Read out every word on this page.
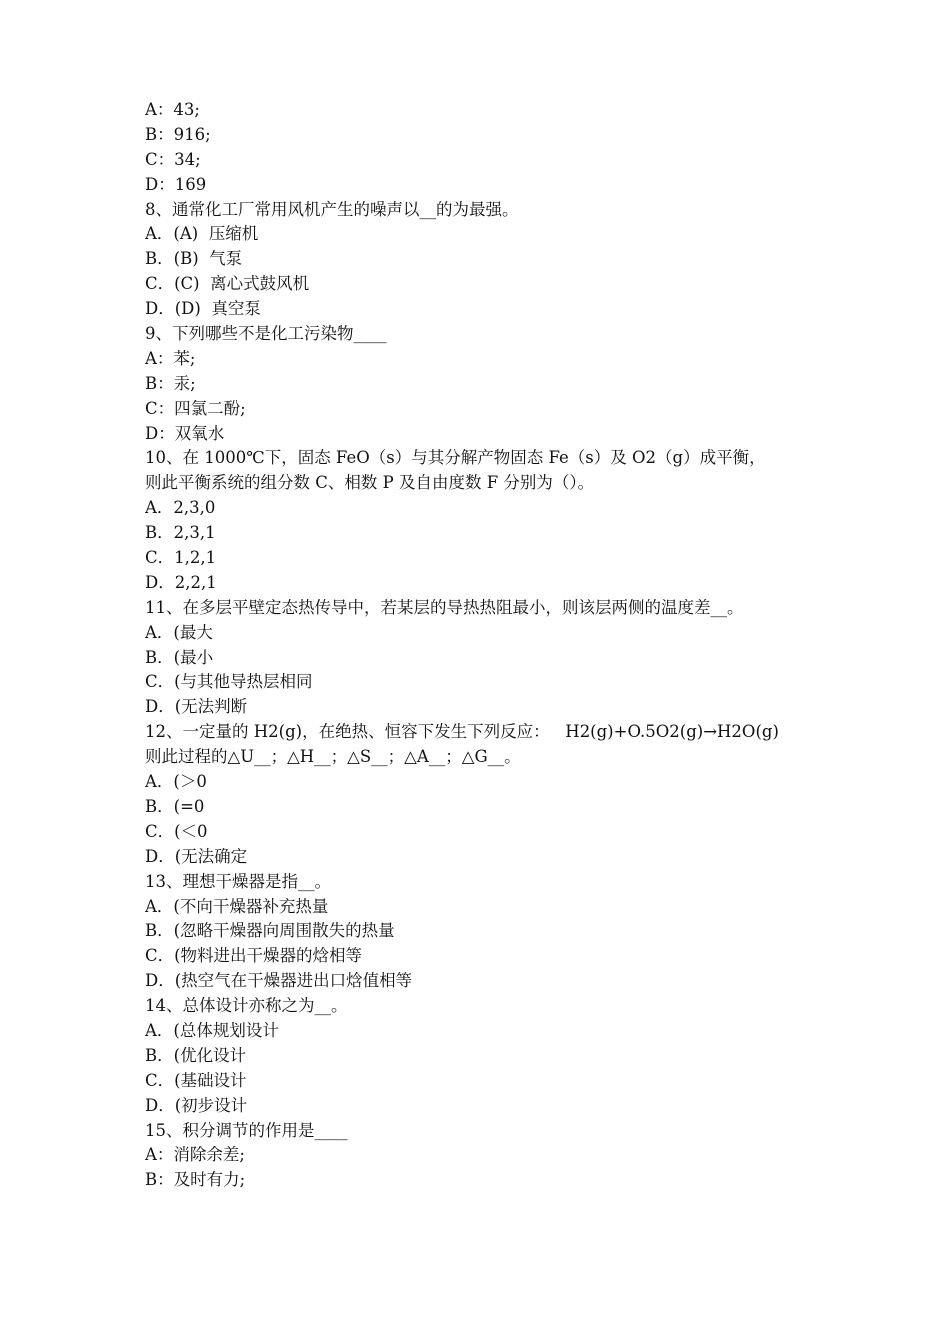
A：43;

B：916;

C：34;

D：169

8、通常化工厂常用风机产生的噪声以__的为最强。

A．(A)  压缩机

B．(B)  气泵

C．(C)  离心式鼓风机

D．(D)  真空泵

9、下列哪些不是化工污染物____

A：苯;

B：汞;

C：四氯二酚;

D：双氧水

10、在 1000℃下，固态 FeO（s）与其分解产物固态 Fe（s）及 O2（g）成平衡，

则此平衡系统的组分数 C、相数 P 及自由度数 F 分别为（）。

A．2,3,0

B．2,3,1

C．1,2,1

D．2,2,1

11、在多层平壁定态热传导中，若某层的导热热阻最小，则该层两侧的温度差__。

A．(最大

B．(最小

C．(与其他导热层相同

D．(无法判断

12、一定量的 H2(g)，在绝热、恒容下发生下列反应：   H2(g)+O.5O2(g)→H2O(g)

则此过程的△U__；△H__；△S__；△A__；△G__。

A．(＞0

B．(=0

C．(＜0

D．(无法确定

13、理想干燥器是指__。

A．(不向干燥器补充热量

B．(忽略干燥器向周围散失的热量

C．(物料进出干燥器的焓相等

D．(热空气在干燥器进出口焓值相等

14、总体设计亦称之为__。

A．(总体规划设计

B．(优化设计

C．(基础设计

D．(初步设计

15、积分调节的作用是____

A：消除余差;

B：及时有力;
